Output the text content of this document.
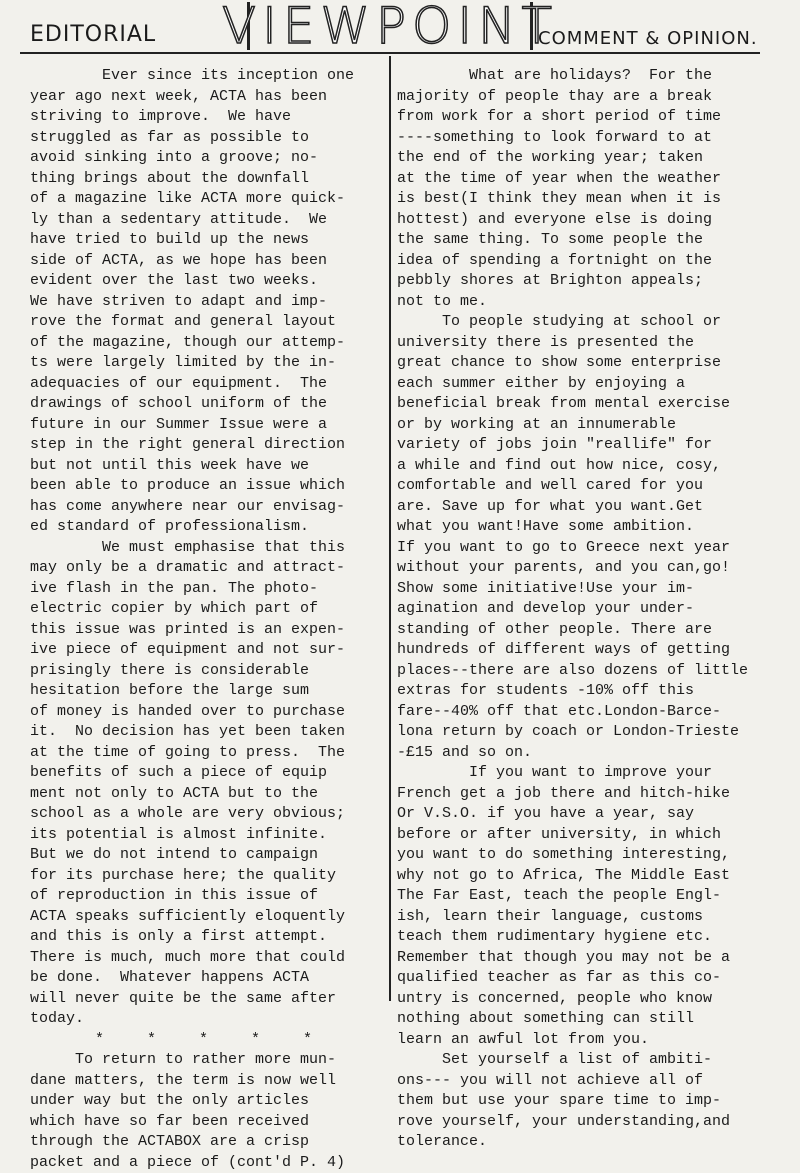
EDITORIAL VIEWPOINT
COMMENT & OPINION.

Ever since its inception one
year ago next week, ACTA has been
striving to improve.  We have
struggled as far as possible to
avoid sinking into a groove; no-
thing brings about the downfall
of a magazine like ACTA more quick-
ly than a sedentary attitude.  We
have tried to build up the news
side of ACTA, as we hope has been
evident over the last two weeks.
We have striven to adapt and imp-
rove the format and general layout
of the magazine, though our attemp-
ts were largely limited by the in-
adequacies of our equipment.  The
drawings of school uniform of the
future in our Summer Issue were a
step in the right general direction
but not until this week have we
been able to produce an issue which
has come anywhere near our envisag-
ed standard of professionalism.

We must emphasise that this
may only be a dramatic and attract-
ive flash in the pan. The photo-
electric copier by which part of
this issue was printed is an expen-
ive piece of equipment and not sur-
prisingly there is considerable
hesitation before the large sum
of money is handed over to purchase
it.  No decision has yet been taken
at the time of going to press.  The
benefits of such a piece of equip
ment not only to ACTA but to the
school as a whole are very obvious;
its potential is almost infinite.
But we do not intend to campaign
for its purchase here; the quality
of reproduction in this issue of
ACTA speaks sufficiently eloquently
and this is only a first attempt.
There is much, much more that could
be done.  Whatever happens ACTA
will never quite be the same after
today.

*   *   *   *   *

To return to rather more mun-
dane matters, the term is now well
under way but the only articles
which have so far been received
through the ACTABOX are a crisp
packet and a piece of (cont'd P. 4)

What are holidays?  For the
majority of people thay are a break
from work for a short period of time
----something to look forward to at
the end of the working year; taken
at the time of year when the weather
is best(I think they mean when it is
hottest) and everyone else is doing
the same thing. To some people the
idea of spending a fortnight on the
pebbly shores at Brighton appeals;
not to me.

To people studying at school or
university there is presented the
great chance to show some enterprise
each summer either by enjoying a
beneficial break from mental exercise
or by working at an innumerable
variety of jobs join "reallife" for
a while and find out how nice, cosy,
comfortable and well cared for you
are. Save up for what you want.Get
what you want!Have some ambition.
If you want to go to Greece next year
without your parents, and you can,go!
Show some initiative!Use your im-
agination and develop your under-
standing of other people. There are
hundreds of different ways of getting
places--there are also dozens of little
extras for students -10% off this
fare--40% off that etc.London-Barce-
lona return by coach or London-Trieste
-£15 and so on.

If you want to improve your
French get a job there and hitch-hike
Or V.S.O. if you have a year, say
before or after university, in which
you want to do something interesting,
why not go to Africa, The Middle East
The Far East, teach the people Engl-
ish, learn their language, customs
teach them rudimentary hygiene etc.
Remember that though you may not be a
qualified teacher as far as this co-
untry is concerned, people who know
nothing about something can still
learn an awful lot from you.

Set yourself a list of ambiti-
ons--- you will not achieve all of
them but use your spare time to imp-
rove yourself, your understanding,and
tolerance.
